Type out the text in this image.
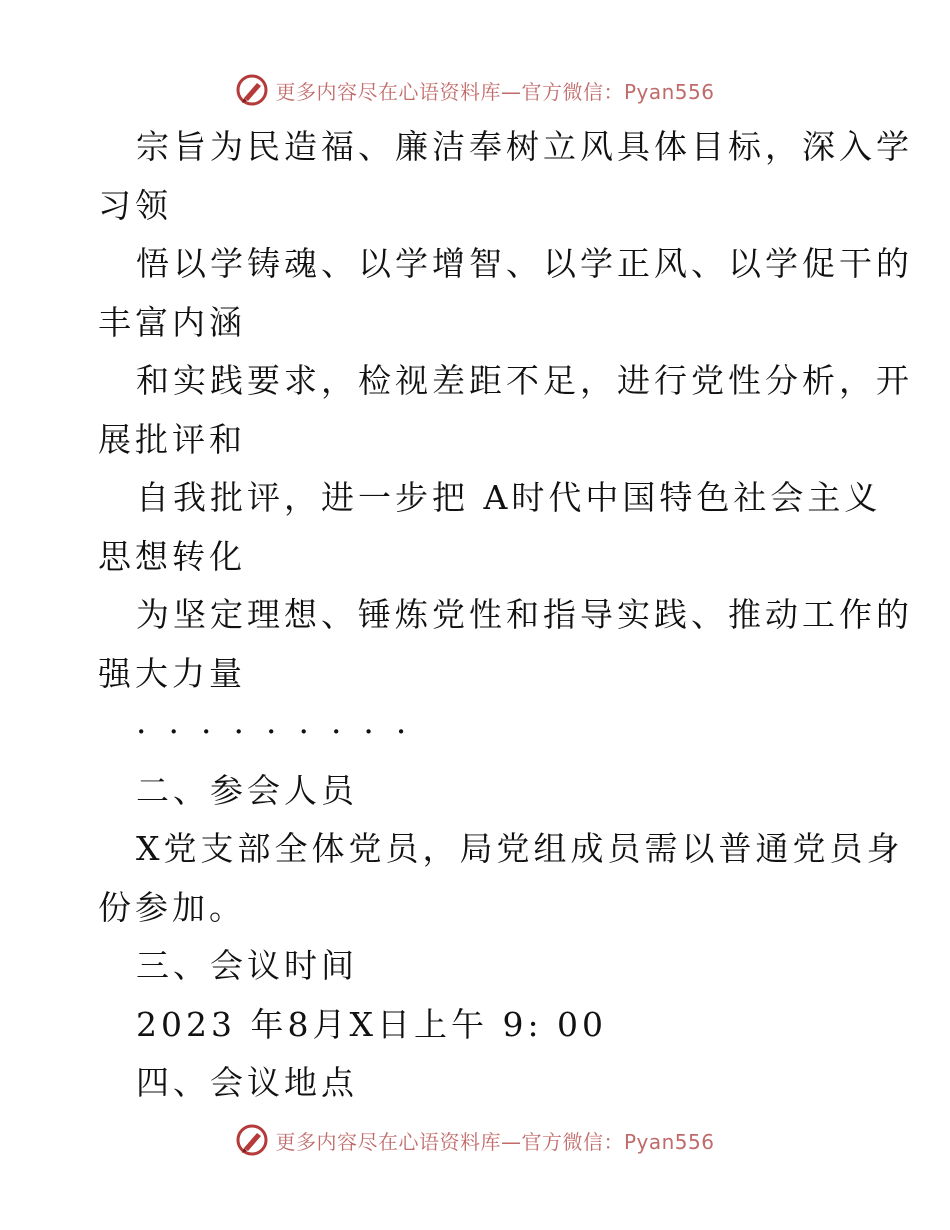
更多内容尽在心语资料库—官方微信：Pyan556
宗旨为民造福、廉洁奉树立风具体目标，深入学
习领
悟以学铸魂、以学增智、以学正风、以学促干的
丰富内涵
和实践要求，检视差距不足，进行党性分析，开
展批评和
自我批评，进一步把 A时代中国特色社会主义
思想转化
为坚定理想、锤炼党性和指导实践、推动工作的
强大力量
·········
二、参会人员
X党支部全体党员，局党组成员需以普通党员身
份参加。
三、会议时间
2023 年8月X日上午 9: 00
四、会议地点
更多内容尽在心语资料库—官方微信：Pyan556
